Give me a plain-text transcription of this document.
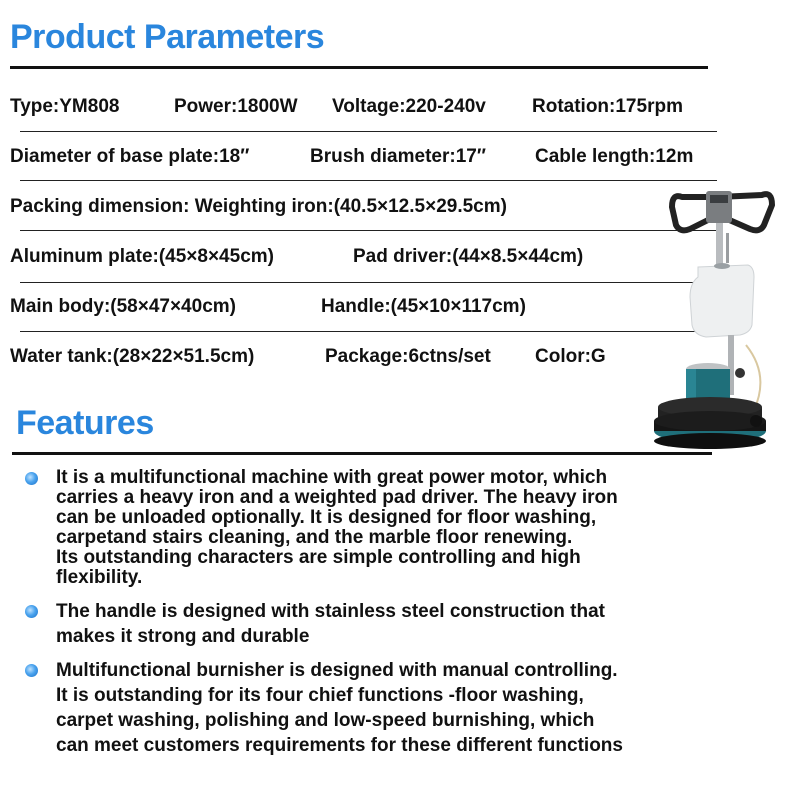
Product Parameters
Type:YM808	Power:1800W Voltage:220-240v Rotation:175rpm
Diameter of base plate:18″	Brush diameter:17″	Cable length:12m
Packing dimension: Weighting iron:(40.5×12.5×29.5cm)
Aluminum plate:(45×8×45cm)	Pad driver:(44×8.5×44cm)
Main body:(58×47×40cm)	Handle:(45×10×117cm)
Water tank:(28×22×51.5cm)	Package:6ctns/set Color:G
Features
It is a multifunctional machine with great power motor, which
carries a heavy iron and a weighted pad driver. The heavy iron
can be unloaded optionally. It is designed for floor washing,
carpetand stairs cleaning, and the marble floor renewing.
Its outstanding characters are simple controlling and high
flexibility.
The handle is designed with stainless steel construction that
makes it strong and durable
Multifunctional burnisher is designed with manual controlling.
It is outstanding for its four chief functions -floor washing,
carpet washing, polishing and low-speed burnishing, which
can meet customers requirements for these different functions
